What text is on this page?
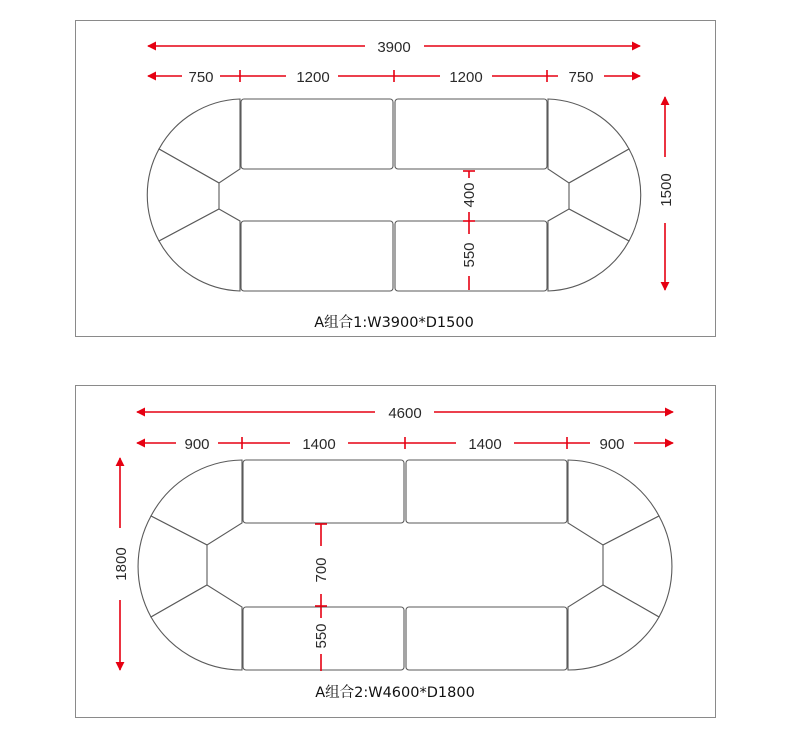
3900
750	1200	1200	750
400
550
1500
A组合1:W3900*D1500
4600
900	1400	1400	900
700
550
1800
A组合2:W4600*D1800
